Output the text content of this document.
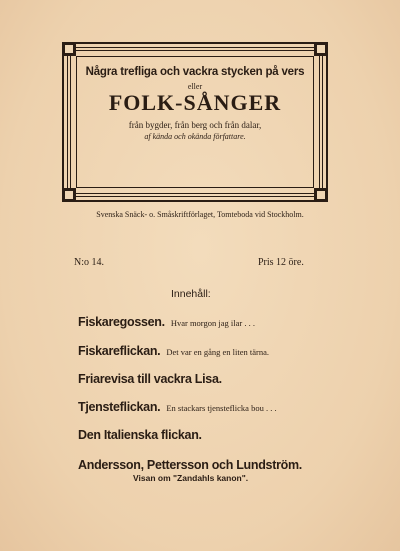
Några trefliga och vackra stycken på vers
eller
FOLK-SÅNGER
från bygder, från berg och från dalar,
af kända och okända författare.
Svenska Snäck- o. Småskriftförlaget, Tomteboda vid Stockholm.
N:o 14.	Pris 12 öre.
Innehåll:
Fiskaregossen. Hvar morgon jag ilar . . .
Fiskareflickan. Det var en gång en liten tärna.
Friarevisa till vackra Lisa.
Tjensteflickan. En stackars tjensteflicka bou . . .
Den Italienska flickan.
Andersson, Pettersson och Lundström.
Visan om "Zandahls kanon".
